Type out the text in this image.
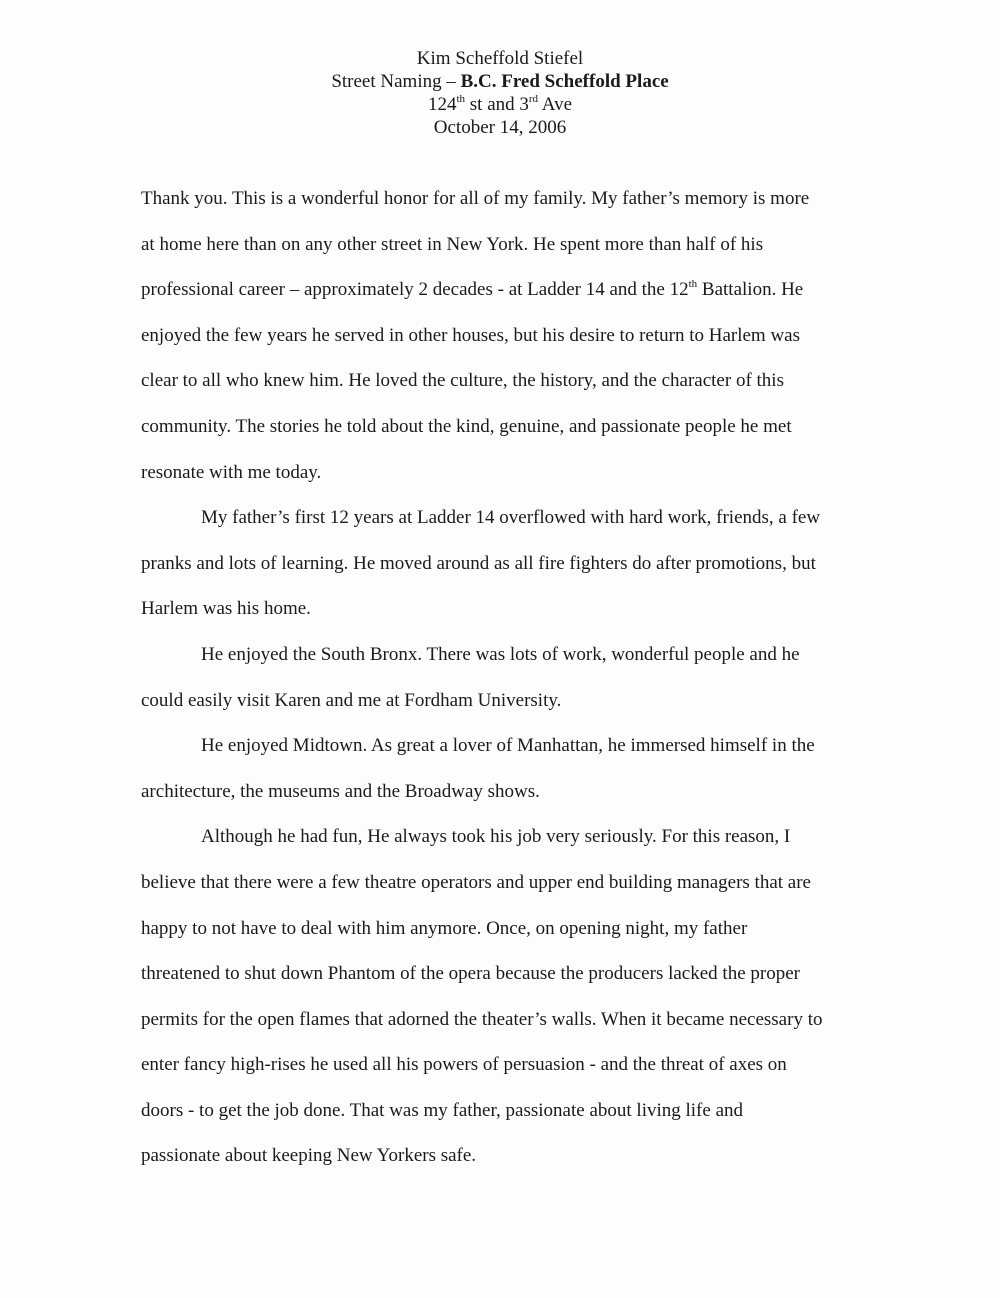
Kim Scheffold Stiefel
Street Naming – B.C. Fred Scheffold Place
124th st and 3rd Ave
October 14, 2006

Thank you. This is a wonderful honor for all of my family. My father’s memory is more
at home here than on any other street in New York. He spent more than half of his
professional career – approximately 2 decades - at Ladder 14 and the 12th Battalion. He
enjoyed the few years he served in other houses, but his desire to return to Harlem was
clear to all who knew him. He loved the culture, the history, and the character of this
community. The stories he told about the kind, genuine, and passionate people he met
resonate with me today.

My father’s first 12 years at Ladder 14 overflowed with hard work, friends, a few
pranks and lots of learning. He moved around as all fire fighters do after promotions, but
Harlem was his home.

He enjoyed the South Bronx. There was lots of work, wonderful people and he
could easily visit Karen and me at Fordham University.

He enjoyed Midtown. As great a lover of Manhattan, he immersed himself in the
architecture, the museums and the Broadway shows.

Although he had fun, He always took his job very seriously. For this reason, I
believe that there were a few theatre operators and upper end building managers that are
happy to not have to deal with him anymore. Once, on opening night, my father
threatened to shut down Phantom of the opera because the producers lacked the proper
permits for the open flames that adorned the theater’s walls. When it became necessary to
enter fancy high-rises he used all his powers of persuasion - and the threat of axes on
doors - to get the job done. That was my father, passionate about living life and
passionate about keeping New Yorkers safe.
